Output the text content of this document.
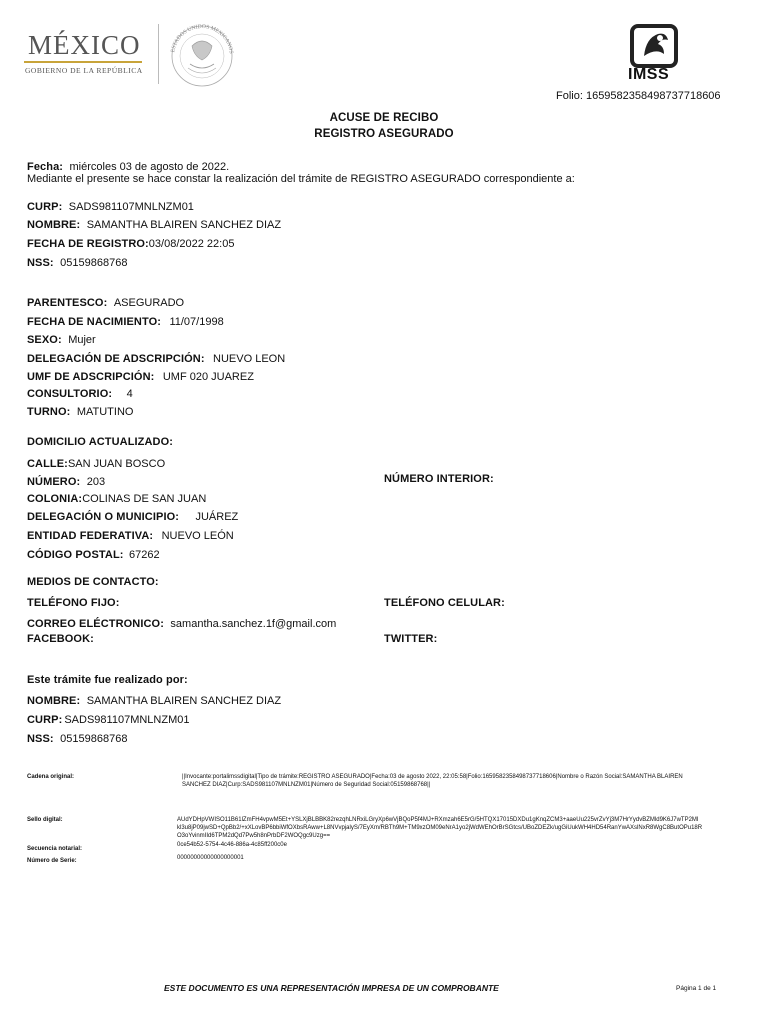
MÉXICO
GOBIERNO DE LA REPÚBLICA
ESTADOS UNIDOS MEXICANOS
IMSS
Folio: 1659582358498737718606
ACUSE DE RECIBO
REGISTRO ASEGURADO
Fecha: miércoles 03 de agosto de 2022.
Mediante el presente se hace constar la realización del trámite de REGISTRO ASEGURADO correspondiente a:
CURP: SADS981107MNLNZM01
NOMBRE: SAMANTHA BLAIREN SANCHEZ DIAZ
FECHA DE REGISTRO:03/08/2022 22:05
NSS: 05159868768
PARENTESCO: ASEGURADO
FECHA DE NACIMIENTO: 11/07/1998
SEXO: Mujer
DELEGACIÓN DE ADSCRIPCIÓN: NUEVO LEON
UMF DE ADSCRIPCIÓN: UMF 020 JUAREZ
CONSULTORIO: 4
TURNO: MATUTINO
DOMICILIO ACTUALIZADO:
CALLE:SAN JUAN BOSCO
NÚMERO: 203	NÚMERO INTERIOR:
COLONIA:COLINAS DE SAN JUAN
DELEGACIÓN O MUNICIPIO: JUÁREZ
ENTIDAD FEDERATIVA: NUEVO LEÓN
CÓDIGO POSTAL: 67262
MEDIOS DE CONTACTO:
TELÉFONO FIJO:	TELÉFONO CELULAR:
CORREO ELÉCTRONICO: samantha.sanchez.1f@gmail.com
FACEBOOK:	TWITTER:
Este trámite fue realizado por:
NOMBRE: SAMANTHA BLAIREN SANCHEZ DIAZ
CURP: SADS981107MNLNZM01
NSS: 05159868768
Cadena original:	||Invocante:portalimssdigital|Tipo de trámite:REGISTRO ASEGURADO|Fecha:03 de agosto 2022, 22:05:58|Folio:1659582358498737718606|Nombre o Razón Social:SAMANTHA BLAIREN
SANCHEZ DIAZ|Curp:SADS981107MNLNZM01|Número de Seguridad Social:05159868768||
Sello digital:	AUdYDHpVWISO11B61lZmFH4vpwM5Et+YSLXjBLBBK82rezqhLNRxiLGryXp6wVjBQoP5f4MJ+RXmzah6E5rG/5HTQX17015DXDu1gKnqZCM3+aaeUu225vrZvYj3M7HrYydvBZMld9K6J7wTP2MI
kl3u8jP09jwSD+QpBb2/+xXLovBP6bbiWfOXbsRAww+L8NVvpjalyS/7EyXm/RBTh9M+TM9xzOM09eNrA1yo2jWdWEhOrBrSGtcs/UBoZDEZk/ugGiUukWH4HD54RanYwAXslNxR8WgC8ButOPu18R
O3oYvinmIId6TPM2dQd7Pw5h8nPrbDF2WOQgc9Uzg==
Secuencia notarial:
0ce54b52-5754-4c46-886a-4c85ff200c0e
Número de Serie:	00000000000000000001
ESTE DOCUMENTO ES UNA REPRESENTACIÓN IMPRESA DE UN COMPROBANTE	Página 1 de 1
